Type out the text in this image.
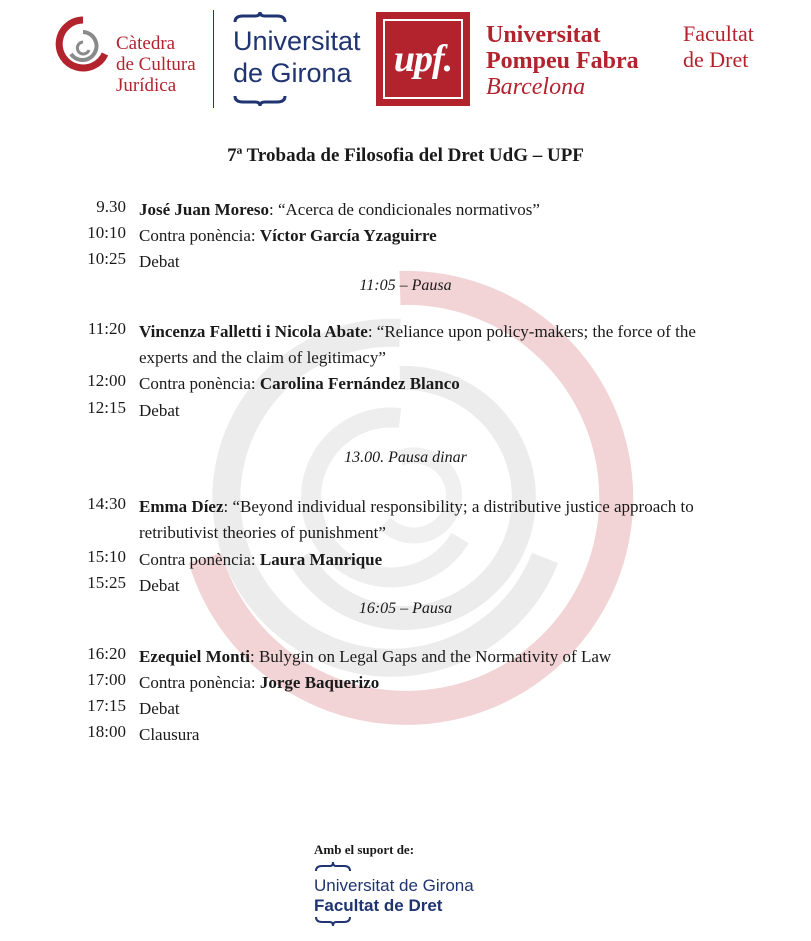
Càtedra
de Cultura
Jurídica
Universitat
de Girona upf.
Universitat
Pompeu Fabra
Barcelona
Facultat
de Dret
7ª Trobada de Filosofia del Dret UdG – UPF
9.30 José Juan Moreso: “Acerca de condicionales normativos”
10:10 Contra ponència: Víctor García Yzaguirre
10:25 Debat
11:05 – Pausa
11:20 Vincenza Falletti i Nicola Abate: “Reliance upon policy-makers; the force of the experts and the claim of legitimacy”
12:00 Contra ponència: Carolina Fernández Blanco
12:15 Debat
13.00. Pausa dinar
14:30 Emma Díez: “Beyond individual responsibility; a distributive justice approach to retributivist theories of punishment”
15:10 Contra ponència: Laura Manrique
15:25 Debat
16:05 – Pausa
16:20 Ezequiel Monti: Bulygin on Legal Gaps and the Normativity of Law
17:00 Contra ponència: Jorge Baquerizo
17:15 Debat
18:00 Clausura
Amb el suport de:
Universitat de Girona
Facultat de Dret
